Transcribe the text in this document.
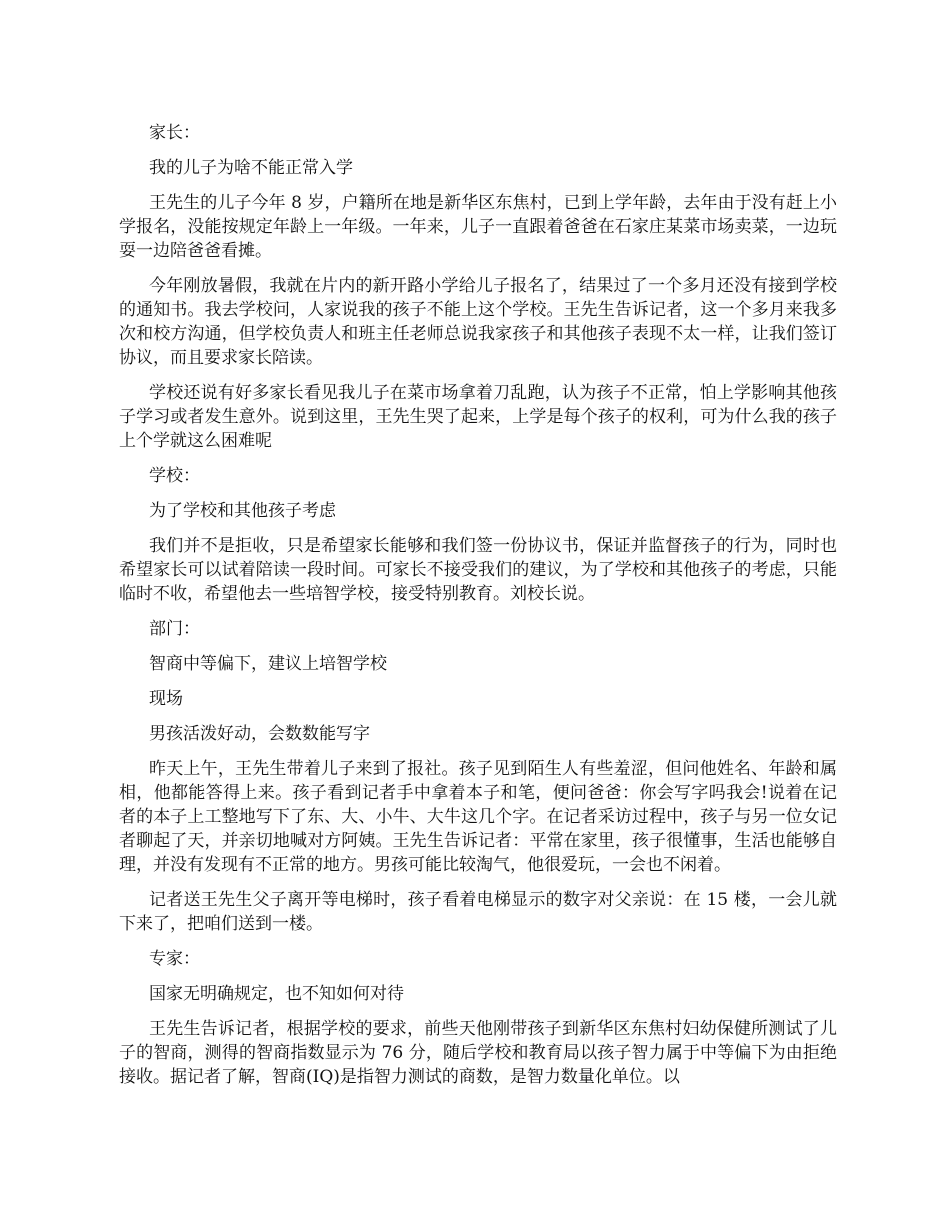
家长：

我的儿子为啥不能正常入学

王先生的儿子今年 8 岁，户籍所在地是新华区东焦村，已到上学年龄，去年由于没有赶上小学报名，没能按规定年龄上一年级。一年来，儿子一直跟着爸爸在石家庄某菜市场卖菜，一边玩耍一边陪爸爸看摊。

今年刚放暑假，我就在片内的新开路小学给儿子报名了，结果过了一个多月还没有接到学校的通知书。我去学校问，人家说我的孩子不能上这个学校。王先生告诉记者，这一个多月来我多次和校方沟通，但学校负责人和班主任老师总说我家孩子和其他孩子表现不太一样，让我们签订协议，而且要求家长陪读。

学校还说有好多家长看见我儿子在菜市场拿着刀乱跑，认为孩子不正常，怕上学影响其他孩子学习或者发生意外。说到这里，王先生哭了起来，上学是每个孩子的权利，可为什么我的孩子上个学就这么困难呢

学校：

为了学校和其他孩子考虑

我们并不是拒收，只是希望家长能够和我们签一份协议书，保证并监督孩子的行为，同时也希望家长可以试着陪读一段时间。可家长不接受我们的建议，为了学校和其他孩子的考虑，只能临时不收，希望他去一些培智学校，接受特别教育。刘校长说。

部门：

智商中等偏下，建议上培智学校

现场

男孩活泼好动，会数数能写字

昨天上午，王先生带着儿子来到了报社。孩子见到陌生人有些羞涩，但问他姓名、年龄和属相，他都能答得上来。孩子看到记者手中拿着本子和笔，便问爸爸：你会写字吗我会!说着在记者的本子上工整地写下了东、大、小牛、大牛这几个字。在记者采访过程中，孩子与另一位女记者聊起了天，并亲切地喊对方阿姨。王先生告诉记者：平常在家里，孩子很懂事，生活也能够自理，并没有发现有不正常的地方。男孩可能比较淘气，他很爱玩，一会也不闲着。

记者送王先生父子离开等电梯时，孩子看着电梯显示的数字对父亲说：在 15 楼，一会儿就下来了，把咱们送到一楼。

专家：

国家无明确规定，也不知如何对待

王先生告诉记者，根据学校的要求，前些天他刚带孩子到新华区东焦村妇幼保健所测试了儿子的智商，测得的智商指数显示为 76 分，随后学校和教育局以孩子智力属于中等偏下为由拒绝接收。据记者了解，智商(IQ)是指智力测试的商数，是智力数量化单位。以
